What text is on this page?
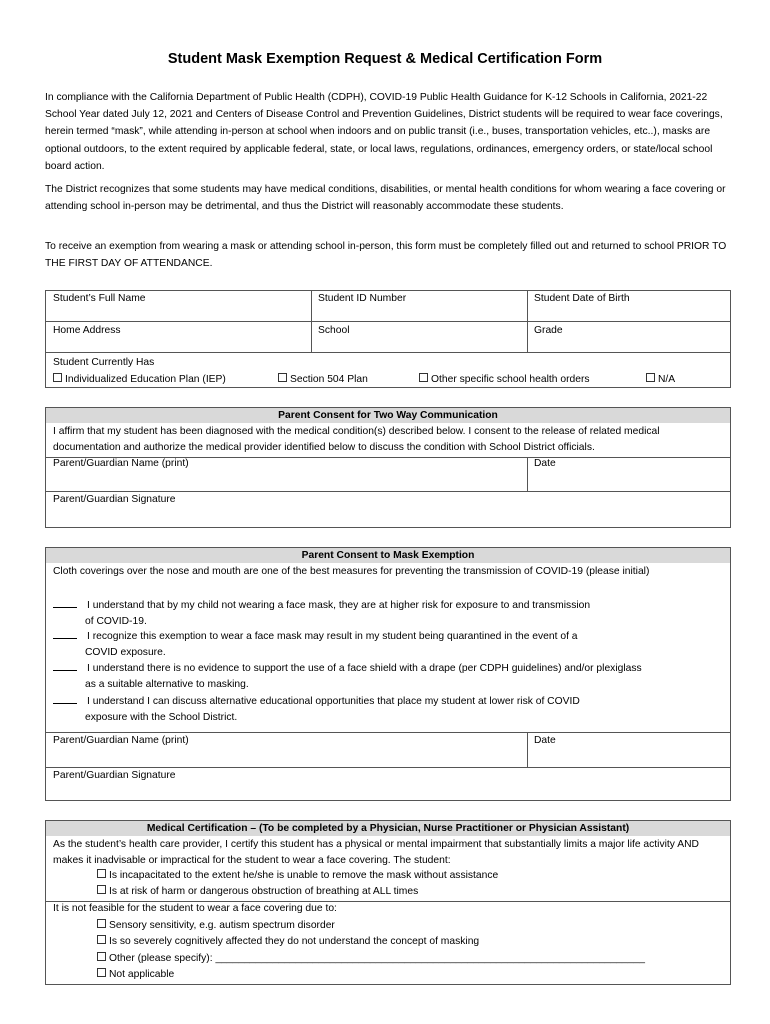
Student Mask Exemption Request & Medical Certification Form
In compliance with the California Department of Public Health (CDPH), COVID-19 Public Health Guidance for K-12 Schools in California, 2021-22 School Year dated July 12, 2021 and Centers of Disease Control and Prevention Guidelines, District students will be required to wear face coverings, herein termed “mask”, while attending in-person at school when indoors and on public transit (i.e., buses, transportation vehicles, etc..), masks are optional outdoors, to the extent required by applicable federal, state, or local laws, regulations, ordinances, emergency orders, or state/local school board action.
The District recognizes that some students may have medical conditions, disabilities, or mental health conditions for whom wearing a face covering or attending school in-person may be detrimental, and thus the District will reasonably accommodate these students.
To receive an exemption from wearing a mask or attending school in-person, this form must be completely filled out and returned to school PRIOR TO THE FIRST DAY OF ATTENDANCE.
Student’s Full Name	Student ID Number	Student Date of Birth
Home Address	School	Grade
Student Currently Has
Individualized Education Plan (IEP)	Section 504 Plan	Other specific school health orders	N/A
Parent Consent for Two Way Communication
I affirm that my student has been diagnosed with the medical condition(s) described below. I consent to the release of related medical documentation and authorize the medical provider identified below to discuss the condition with School District officials.
Parent/Guardian Name (print)	Date
Parent/Guardian Signature
Parent Consent to Mask Exemption
Cloth coverings over the nose and mouth are one of the best measures for preventing the transmission of COVID-19 (please initial)
I understand that by my child not wearing a face mask, they are at higher risk for exposure to and transmission
of COVID-19.
I recognize this exemption to wear a face mask may result in my student being quarantined in the event of a
COVID exposure.
I understand there is no evidence to support the use of a face shield with a drape (per CDPH guidelines) and/or plexiglass
as a suitable alternative to masking.
I understand I can discuss alternative educational opportunities that place my student at lower risk of COVID
exposure with the School District.
Parent/Guardian Name (print)	Date
Parent/Guardian Signature
Medical Certification – (To be completed by a Physician, Nurse Practitioner or Physician Assistant)
As the student’s health care provider, I certify this student has a physical or mental impairment that substantially limits a major life activity AND makes it inadvisable or impractical for the student to wear a face covering. The student:
Is incapacitated to the extent he/she is unable to remove the mask without assistance
Is at risk of harm or dangerous obstruction of breathing at ALL times
It is not feasible for the student to wear a face covering due to:
Sensory sensitivity, e.g. autism spectrum disorder
Is so severely cognitively affected they do not understand the concept of masking
Other (please specify): ___________________________________________________________________________
Not applicable
